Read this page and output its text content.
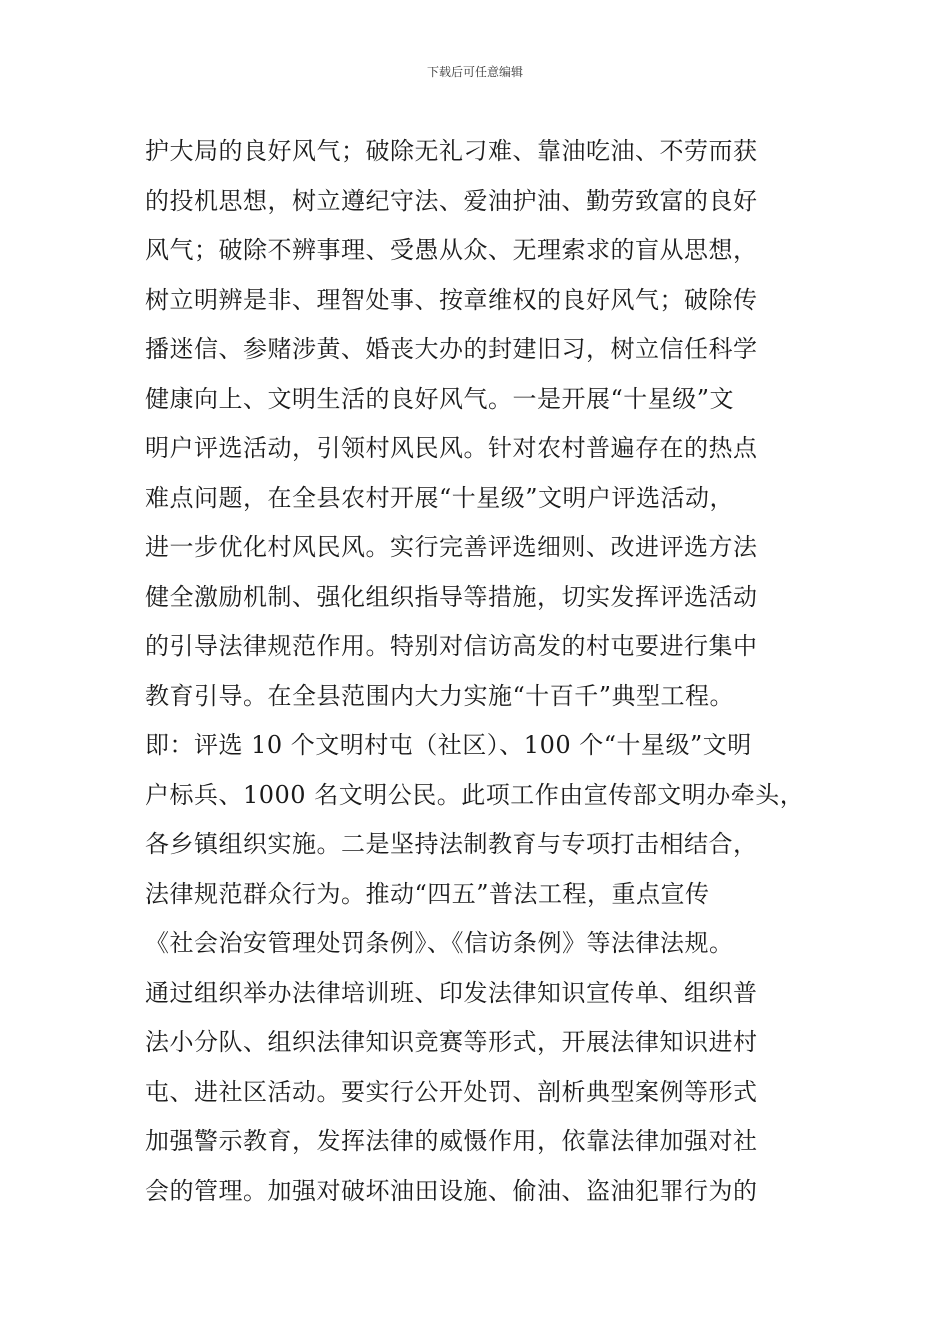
下载后可任意编辑
护大局的良好风气；破除无礼刁难、靠油吃油、不劳而获
的投机思想，树立遵纪守法、爱油护油、勤劳致富的良好
风气；破除不辨事理、受愚从众、无理索求的盲从思想，
树立明辨是非、理智处事、按章维权的良好风气；破除传
播迷信、参赌涉黄、婚丧大办的封建旧习，树立信任科学
健康向上、文明生活的良好风气。一是开展“十星级”文
明户评选活动，引领村风民风。针对农村普遍存在的热点
难点问题，在全县农村开展“十星级”文明户评选活动，
进一步优化村风民风。实行完善评选细则、改进评选方法
健全激励机制、强化组织指导等措施，切实发挥评选活动
的引导法律规范作用。特别对信访高发的村屯要进行集中
教育引导。在全县范围内大力实施“十百千”典型工程。
即：评选 10 个文明村屯（社区）、100 个“十星级”文明
户标兵、1000 名文明公民。此项工作由宣传部文明办牵头，
各乡镇组织实施。二是坚持法制教育与专项打击相结合，
法律规范群众行为。推动“四五”普法工程，重点宣传
《社会治安管理处罚条例》、《信访条例》等法律法规。
通过组织举办法律培训班、印发法律知识宣传单、组织普
法小分队、组织法律知识竞赛等形式，开展法律知识进村
屯、进社区活动。要实行公开处罚、剖析典型案例等形式
加强警示教育，发挥法律的威慑作用，依靠法律加强对社
会的管理。加强对破坏油田设施、偷油、盗油犯罪行为的
